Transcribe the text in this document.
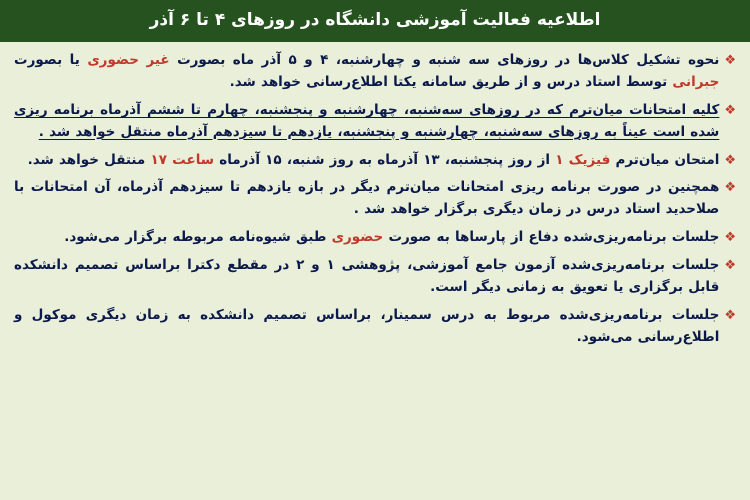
اطلاعیه فعالیت آموزشی دانشگاه در روزهای ۴ تا ۶ آذر
❖
نحوه تشکیل کلاس‌ها در روزهای سه شنبه و چهارشنبه، ۴ و ۵ آذر ماه بصورت غیر حضوری یا بصورت جبرانی توسط استاد درس و از طریق سامانه یکتا اطلاع‌رسانی خواهد شد.
❖
کلیه امتحانات میان‌ترم که در روزهای سه‌شنبه، چهارشنبه و پنجشنبه، چهارم تا ششم آذرماه برنامه ریزی شده است عیناً به روزهای سه‌شنبه، چهارشنبه و پنجشنبه، یازدهم تا سیزدهم آذرماه منتقل خواهد شد .
❖
امتحان میان‌ترم فیزیک ۱ از روز پنجشنبه، ۱۳ آذرماه به روز شنبه، ۱۵ آذرماه ساعت ۱۷ منتقل خواهد شد.
❖
همچنین در صورت برنامه ریزی امتحانات میان‌ترم دیگر در بازه یازدهم تا سیزدهم آذرماه، آن امتحانات با صلاحدید استاد درس در زمان دیگری برگزار خواهد شد .
❖
جلسات برنامه‌ریزی‌شده دفاع از پارساها به صورت حضوری طبق شیوه‌نامه مربوطه برگزار می‌شود.
❖
جلسات برنامه‌ریزی‌شده آزمون جامع آموزشی، پژوهشی ۱ و ۲ در مقطع دکترا براساس تصمیم دانشکده قابل برگزاری یا تعویق به زمانی دیگر است.
❖
جلسات برنامه‌ریزی‌شده مربوط به درس سمینار، براساس تصمیم دانشکده به زمان دیگری موکول و اطلاع‌رسانی می‌شود.
